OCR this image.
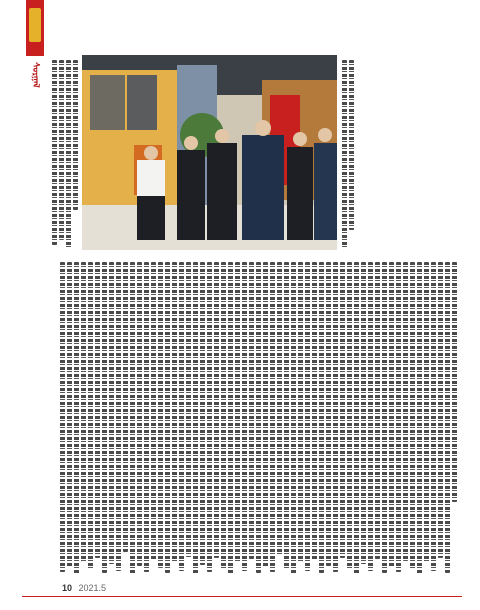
ᠰᠤᠷᠭᠠᠯ
10 2021.5
